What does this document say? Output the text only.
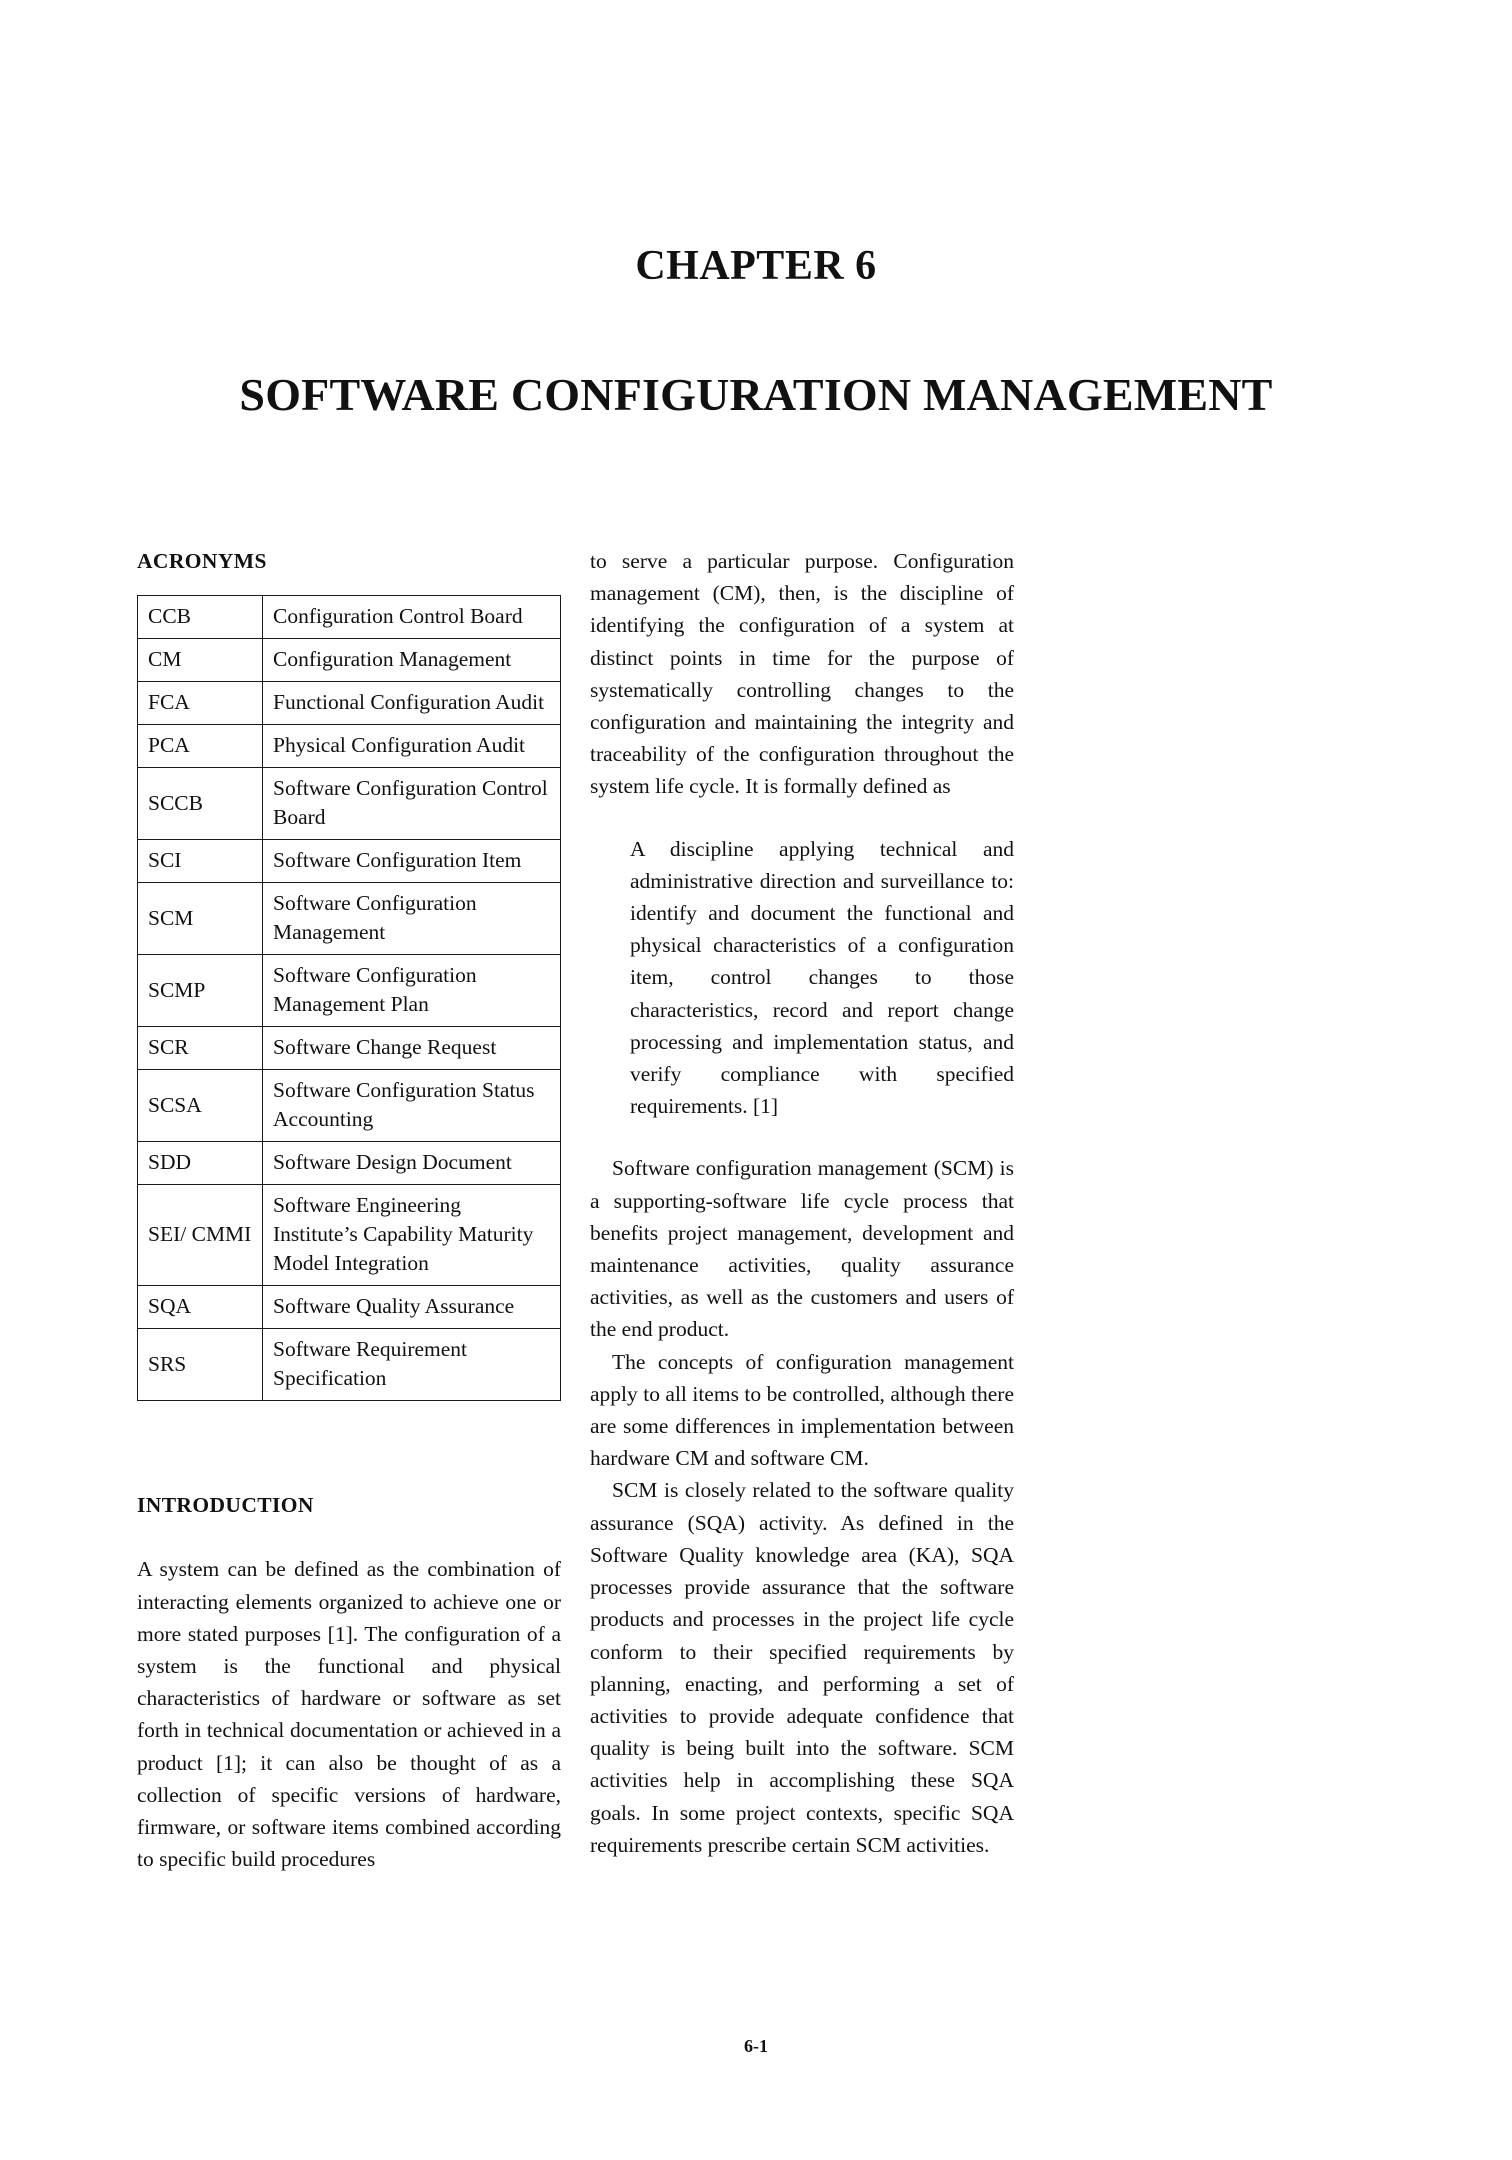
CHAPTER 6
SOFTWARE CONFIGURATION MANAGEMENT
ACRONYMS
CCB	Configuration Control Board
CM	Configuration Management
FCA	Functional Configuration Audit
PCA	Physical Configuration Audit
SCCB	Software Configuration Control Board
SCI	Software Configuration Item
SCM	Software Configuration Management
SCMP	Software Configuration Management Plan
SCR	Software Change Request
SCSA	Software Configuration Status Accounting
SDD	Software Design Document
SEI/ CMMI	Software Engineering Institute’s Capability Maturity Model Integration
SQA	Software Quality Assurance
SRS	Software Requirement Specification
INTRODUCTION

A system can be defined as the combination of interacting elements organized to achieve one or more stated purposes [1]. The configuration of a system is the functional and physical characteristics of hardware or software as set forth in technical documentation or achieved in a product [1]; it can also be thought of as a collection of specific versions of hardware, firmware, or software items combined according to specific build procedures

to serve a particular purpose. Configuration management (CM), then, is the discipline of identifying the configuration of a system at distinct points in time for the purpose of systematically controlling changes to the configuration and maintaining the integrity and traceability of the configuration throughout the system life cycle. It is formally defined as

A discipline applying technical and administrative direction and surveillance to: identify and document the functional and physical characteristics of a configuration item, control changes to those characteristics, record and report change processing and implementation status, and verify compliance with specified requirements. [1]

Software configuration management (SCM) is a supporting-software life cycle process that benefits project management, development and maintenance activities, quality assurance activities, as well as the customers and users of the end product.

The concepts of configuration management apply to all items to be controlled, although there are some differences in implementation between hardware CM and software CM.

SCM is closely related to the software quality assurance (SQA) activity. As defined in the Software Quality knowledge area (KA), SQA processes provide assurance that the software products and processes in the project life cycle conform to their specified requirements by planning, enacting, and performing a set of activities to provide adequate confidence that quality is being built into the software. SCM activities help in accomplishing these SQA goals. In some project contexts, specific SQA requirements prescribe certain SCM activities.

6-1
